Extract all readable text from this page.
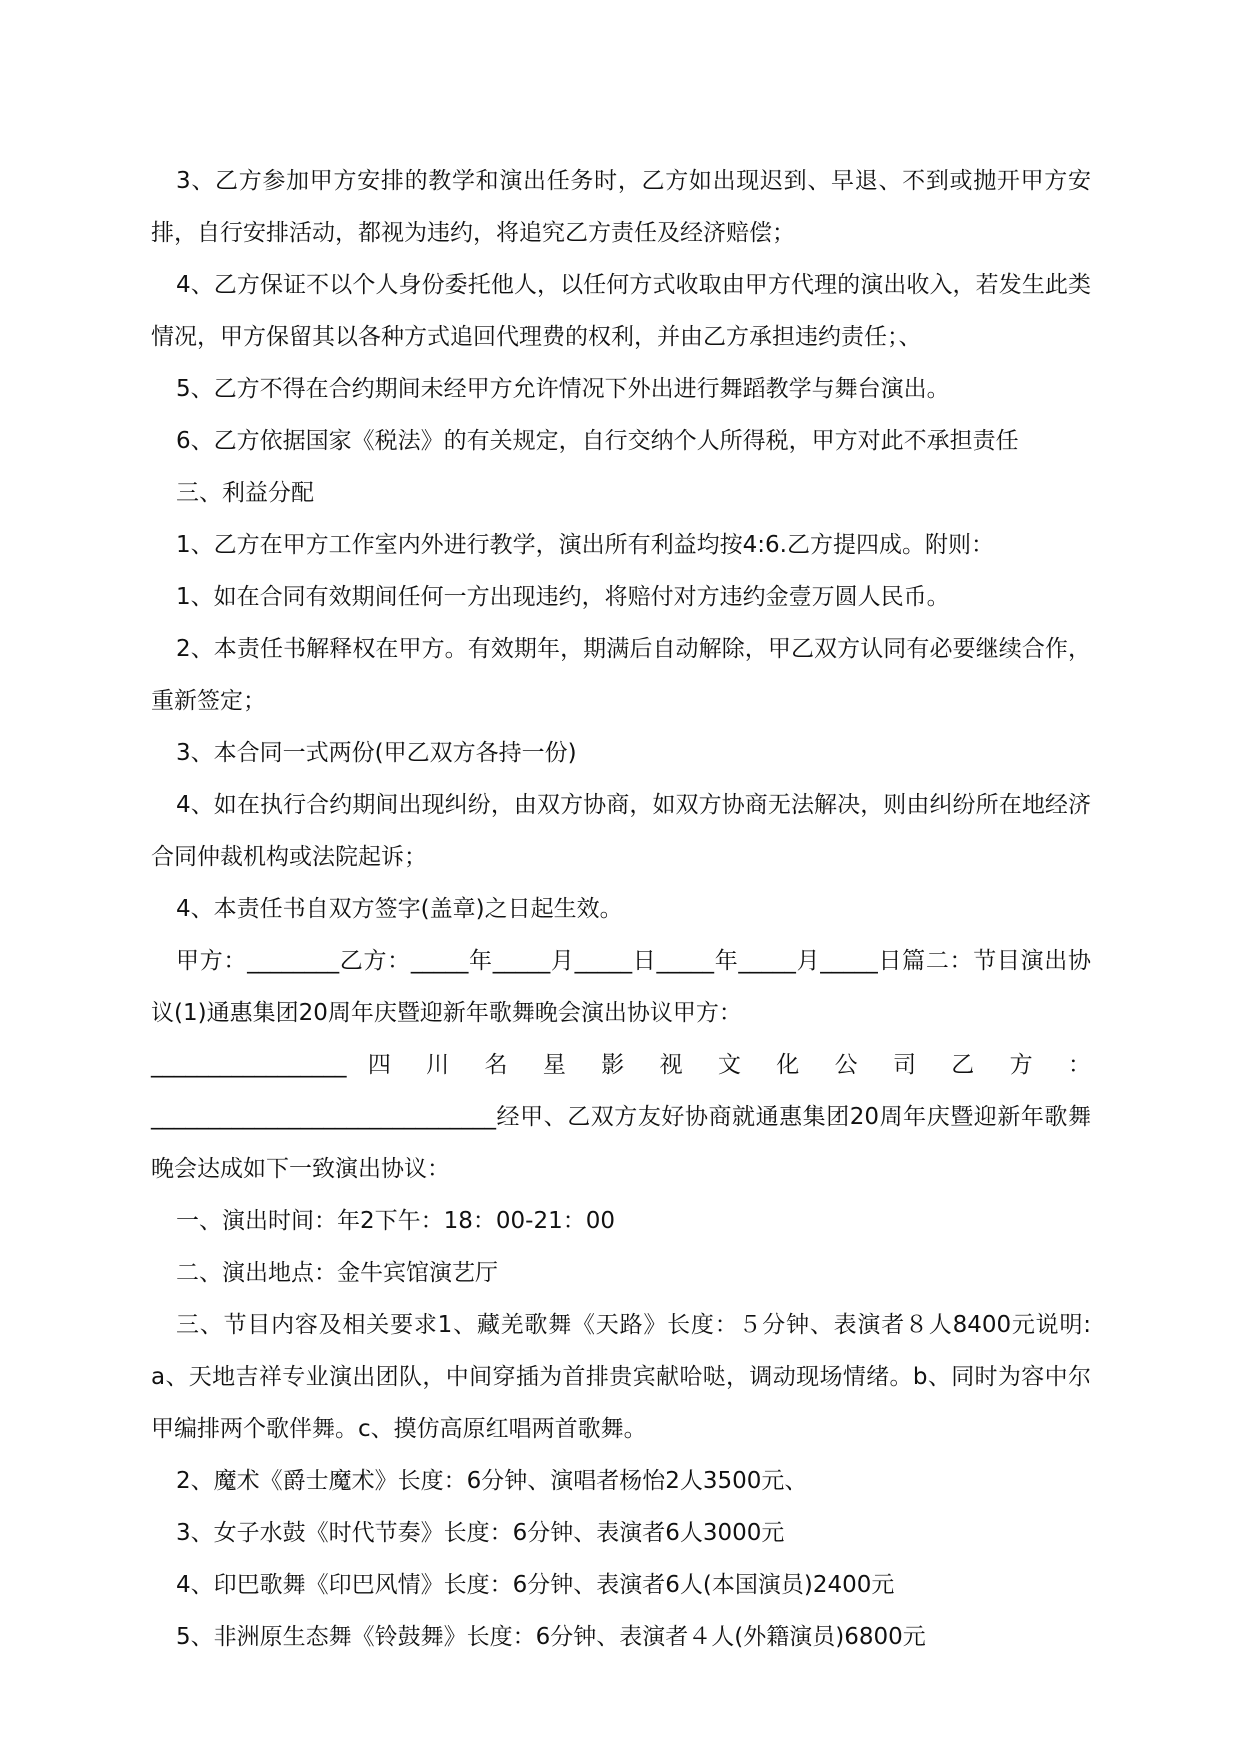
3、乙方参加甲方安排的教学和演出任务时，乙方如出现迟到、早退、不到或抛开甲方安排，自行安排活动，都视为违约，将追究乙方责任及经济赔偿；

4、乙方保证不以个人身份委托他人，以任何方式收取由甲方代理的演出收入，若发生此类情况，甲方保留其以各种方式追回代理费的权利，并由乙方承担违约责任；、

5、乙方不得在合约期间未经甲方允许情况下外出进行舞蹈教学与舞台演出。

6、乙方依据国家《税法》的有关规定，自行交纳个人所得税，甲方对此不承担责任

三、利益分配

1、乙方在甲方工作室内外进行教学，演出所有利益均按4:6.乙方提四成。附则：

1、如在合同有效期间任何一方出现违约，将赔付对方违约金壹万圆人民币。

2、本责任书解释权在甲方。有效期年，期满后自动解除，甲乙双方认同有必要继续合作，重新签定；

3、本合同一式两份(甲乙双方各持一份)

4、如在执行合约期间出现纠纷，由双方协商，如双方协商无法解决，则由纠纷所在地经济合同仲裁机构或法院起诉；

4、本责任书自双方签字(盖章)之日起生效。

甲方：________乙方：_____年_____月_____日_____年_____月_____日篇二：节目演出协议(1)通惠集团20周年庆暨迎新年歌舞晚会演出协议甲方：

_________________ 四 川 名 星 影 视 文 化 公 司 乙 方 ：

______________________________经甲、乙双方友好协商就通惠集团20周年庆暨迎新年歌舞晚会达成如下一致演出协议：

一、演出时间：年2下午：18：00-21：00

二、演出地点：金牛宾馆演艺厅

三、节目内容及相关要求1、藏羌歌舞《天路》长度：５分钟、表演者８人8400元说明:a、天地吉祥专业演出团队，中间穿插为首排贵宾献哈哒，调动现场情绪。b、同时为容中尔甲编排两个歌伴舞。c、摸仿高原红唱两首歌舞。

2、魔术《爵士魔术》长度：6分钟、演唱者杨怡2人3500元、

3、女子水鼓《时代节奏》长度：6分钟、表演者6人3000元

4、印巴歌舞《印巴风情》长度：6分钟、表演者6人(本国演员)2400元

5、非洲原生态舞《铃鼓舞》长度：6分钟、表演者４人(外籍演员)6800元
